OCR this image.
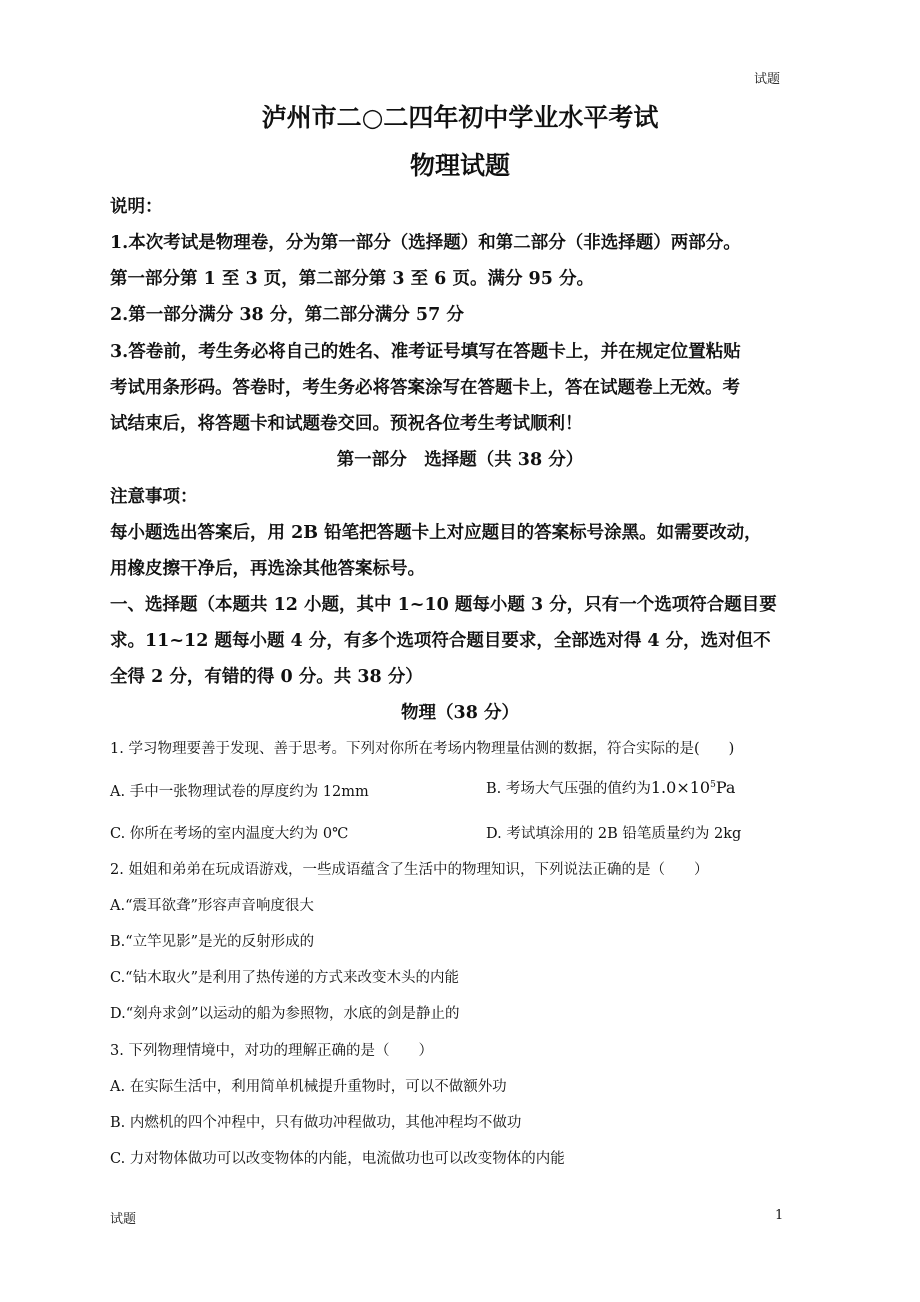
试题
泸州市二○二四年初中学业水平考试
物理试题
说明：
1.本次考试是物理卷，分为第一部分（选择题）和第二部分（非选择题）两部分。
第一部分第 1 至 3 页，第二部分第 3 至 6 页。满分 95 分。
2.第一部分满分 38 分，第二部分满分 57 分
3.答卷前，考生务必将自己的姓名、准考证号填写在答题卡上，并在规定位置粘贴
考试用条形码。答卷时，考生务必将答案涂写在答题卡上，答在试题卷上无效。考
试结束后，将答题卡和试题卷交回。预祝各位考生考试顺利！
第一部分　选择题（共 38 分）
注意事项：
每小题选出答案后，用 2B 铅笔把答题卡上对应题目的答案标号涂黑。如需要改动，
用橡皮擦干净后，再选涂其他答案标号。
一、选择题（本题共 12 小题，其中 1~10 题每小题 3 分，只有一个选项符合题目要
求。11~12 题每小题 4 分，有多个选项符合题目要求，全部选对得 4 分，选对但不
全得 2 分，有错的得 0 分。共 38 分）
物理（38 分）
1. 学习物理要善于发现、善于思考。下列对你所在考场内物理量估测的数据，符合实际的是(　　)
A. 手中一张物理试卷的厚度约为 12mm	B. 考场大气压强的值约为$1.0\times 10^5Pa$
C. 你所在考场的室内温度大约为 0℃	D. 考试填涂用的 2B 铅笔质量约为 2kg
2. 姐姐和弟弟在玩成语游戏，一些成语蕴含了生活中的物理知识，下列说法正确的是（　　）
A.“震耳欲聋”形容声音响度很大
B.“立竿见影”是光的反射形成的
C.“钻木取火”是利用了热传递的方式来改变木头的内能
D.“刻舟求剑”以运动的船为参照物，水底的剑是静止的
3. 下列物理情境中，对功的理解正确的是（　　）
A. 在实际生活中，利用简单机械提升重物时，可以不做额外功
B. 内燃机的四个冲程中，只有做功冲程做功，其他冲程均不做功
C. 力对物体做功可以改变物体的内能，电流做功也可以改变物体的内能
试题	1
